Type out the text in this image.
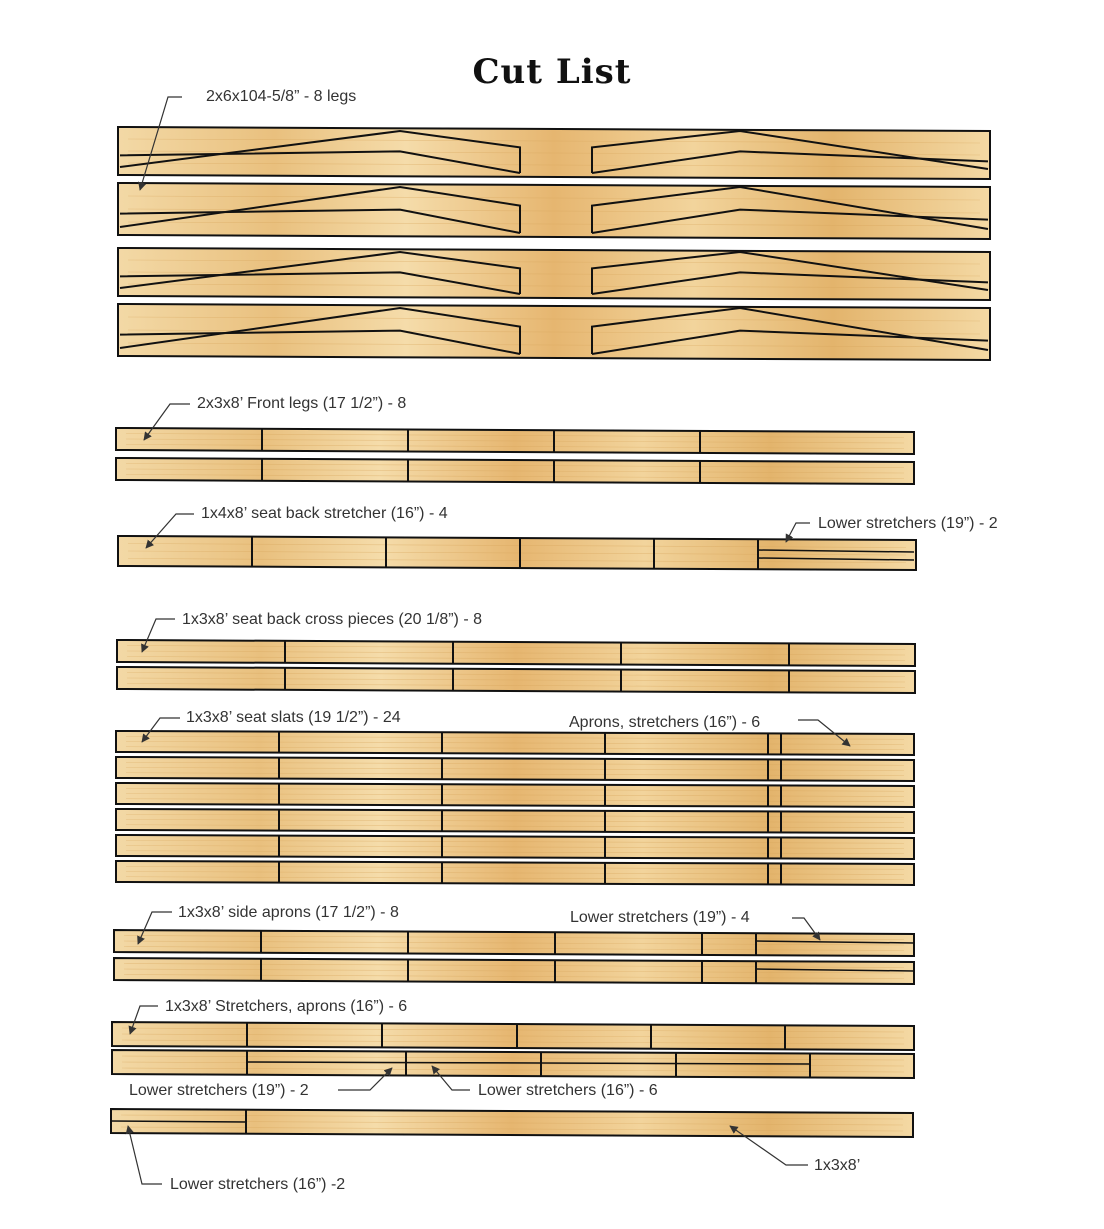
Cut List
2x6x104-5/8” - 8 legs
2x3x8’ Front legs (17 1/2”) - 8
1x4x8’ seat back stretcher (16”) - 4
Lower stretchers (19”) - 2
1x3x8’ seat back cross pieces (20 1/8”) - 8
1x3x8’ seat slats (19 1/2”) - 24	Aprons, stretchers (16”) - 6
1x3x8’ side aprons (17 1/2”) - 8	Lower stretchers (19”) - 4
1x3x8’ Stretchers, aprons (16”) - 6
Lower stretchers (19”) - 2	Lower stretchers (16”) - 6
Lower stretchers (16”) -2
1x3x8’
